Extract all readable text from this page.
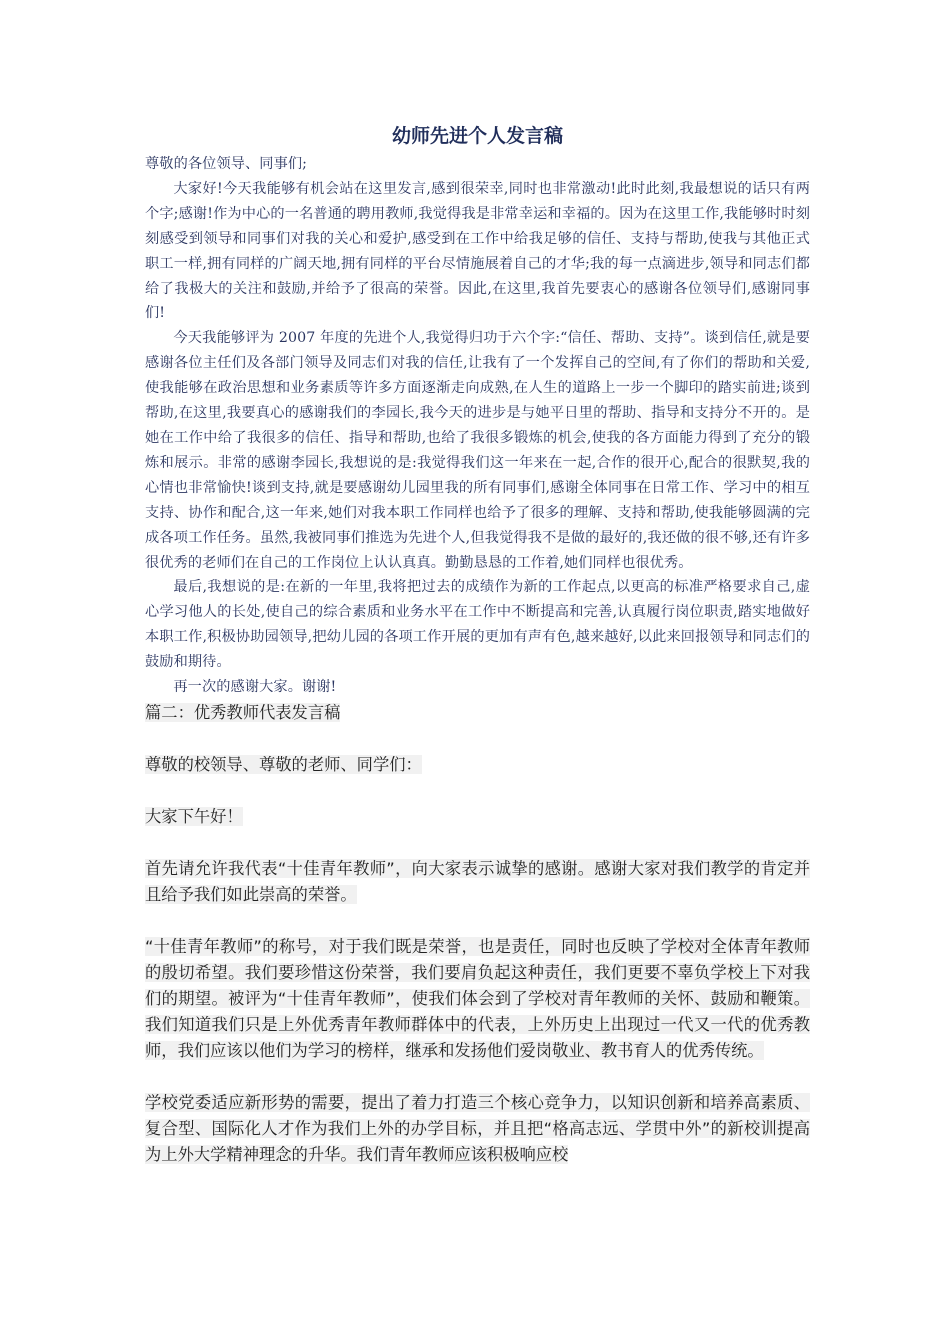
幼师先进个人发言稿

尊敬的各位领导、同事们;

大家好!今天我能够有机会站在这里发言,感到很荣幸,同时也非常激动!此时此刻,我最想说的话只有两个字;感谢!作为中心的一名普通的聘用教师,我觉得我是非常幸运和幸福的。因为在这里工作,我能够时时刻刻感受到领导和同事们对我的关心和爱护,感受到在工作中给我足够的信任、支持与帮助,使我与其他正式职工一样,拥有同样的广阔天地,拥有同样的平台尽情施展着自己的才华;我的每一点滴进步,领导和同志们都给了我极大的关注和鼓励,并给予了很高的荣誉。因此,在这里,我首先要衷心的感谢各位领导们,感谢同事们!

今天我能够评为 2007 年度的先进个人,我觉得归功于六个字:“信任、帮助、支持”。谈到信任,就是要感谢各位主任们及各部门领导及同志们对我的信任,让我有了一个发挥自己的空间,有了你们的帮助和关爱,使我能够在政治思想和业务素质等许多方面逐渐走向成熟,在人生的道路上一步一个脚印的踏实前进;谈到帮助,在这里,我要真心的感谢我们的李园长,我今天的进步是与她平日里的帮助、指导和支持分不开的。是她在工作中给了我很多的信任、指导和帮助,也给了我很多锻炼的机会,使我的各方面能力得到了充分的锻炼和展示。非常的感谢李园长,我想说的是:我觉得我们这一年来在一起,合作的很开心,配合的很默契,我的心情也非常愉快!谈到支持,就是要感谢幼儿园里我的所有同事们,感谢全体同事在日常工作、学习中的相互支持、协作和配合,这一年来,她们对我本职工作同样也给予了很多的理解、支持和帮助,使我能够圆满的完成各项工作任务。虽然,我被同事们推选为先进个人,但我觉得我不是做的最好的,我还做的很不够,还有许多很优秀的老师们在自己的工作岗位上认认真真。勤勤恳恳的工作着,她们同样也很优秀。

最后,我想说的是:在新的一年里,我将把过去的成绩作为新的工作起点,以更高的标准严格要求自己,虚心学习他人的长处,使自己的综合素质和业务水平在工作中不断提高和完善,认真履行岗位职责,踏实地做好本职工作,积极协助园领导,把幼儿园的各项工作开展的更加有声有色,越来越好,以此来回报领导和同志们的鼓励和期待。

再一次的感谢大家。谢谢!

篇二：优秀教师代表发言稿

尊敬的校领导、尊敬的老师、同学们：

大家下午好！

首先请允许我代表“十佳青年教师”，向大家表示诚挚的感谢。感谢大家对我们教学的肯定并且给予我们如此崇高的荣誉。

“十佳青年教师”的称号，对于我们既是荣誉，也是责任，同时也反映了学校对全体青年教师的殷切希望。我们要珍惜这份荣誉，我们要肩负起这种责任，我们更要不辜负学校上下对我们的期望。被评为“十佳青年教师”，使我们体会到了学校对青年教师的关怀、鼓励和鞭策。我们知道我们只是上外优秀青年教师群体中的代表，上外历史上出现过一代又一代的优秀教师，我们应该以他们为学习的榜样，继承和发扬他们爱岗敬业、教书育人的优秀传统。

学校党委适应新形势的需要，提出了着力打造三个核心竞争力，以知识创新和培养高素质、复合型、国际化人才作为我们上外的办学目标，并且把“格高志远、学贯中外”的新校训提高为上外大学精神理念的升华。我们青年教师应该积极响应校
